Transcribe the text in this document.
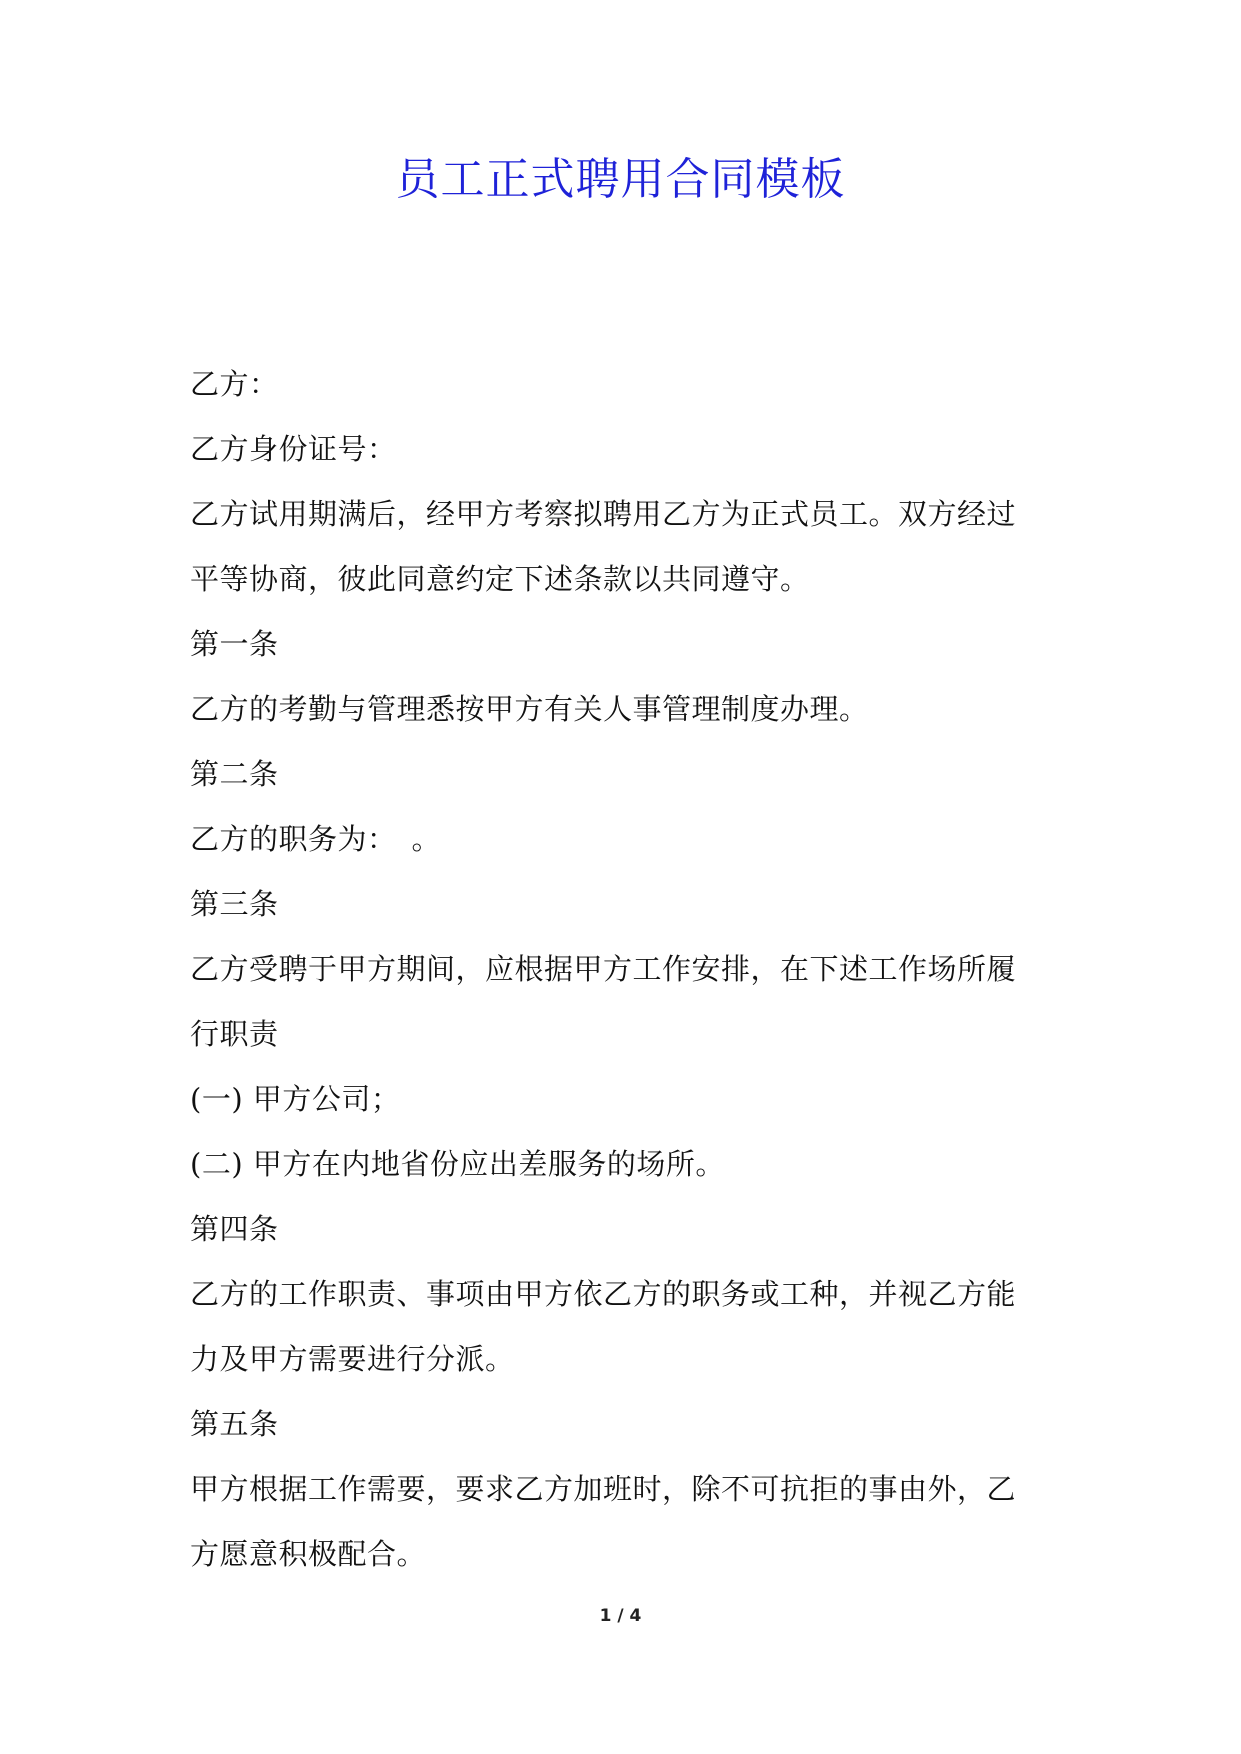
员工正式聘用合同模板

乙方：

乙方身份证号：

乙方试用期满后，经甲方考察拟聘用乙方为正式员工。双方经过

平等协商，彼此同意约定下述条款以共同遵守。

第一条

乙方的考勤与管理悉按甲方有关人事管理制度办理。

第二条

乙方的职务为：　。

第三条

乙方受聘于甲方期间，应根据甲方工作安排，在下述工作场所履

行职责

(一) 甲方公司；

(二) 甲方在内地省份应出差服务的场所。

第四条

乙方的工作职责、事项由甲方依乙方的职务或工种，并视乙方能

力及甲方需要进行分派。

第五条

甲方根据工作需要，要求乙方加班时，除不可抗拒的事由外，乙

方愿意积极配合。

1 / 4
